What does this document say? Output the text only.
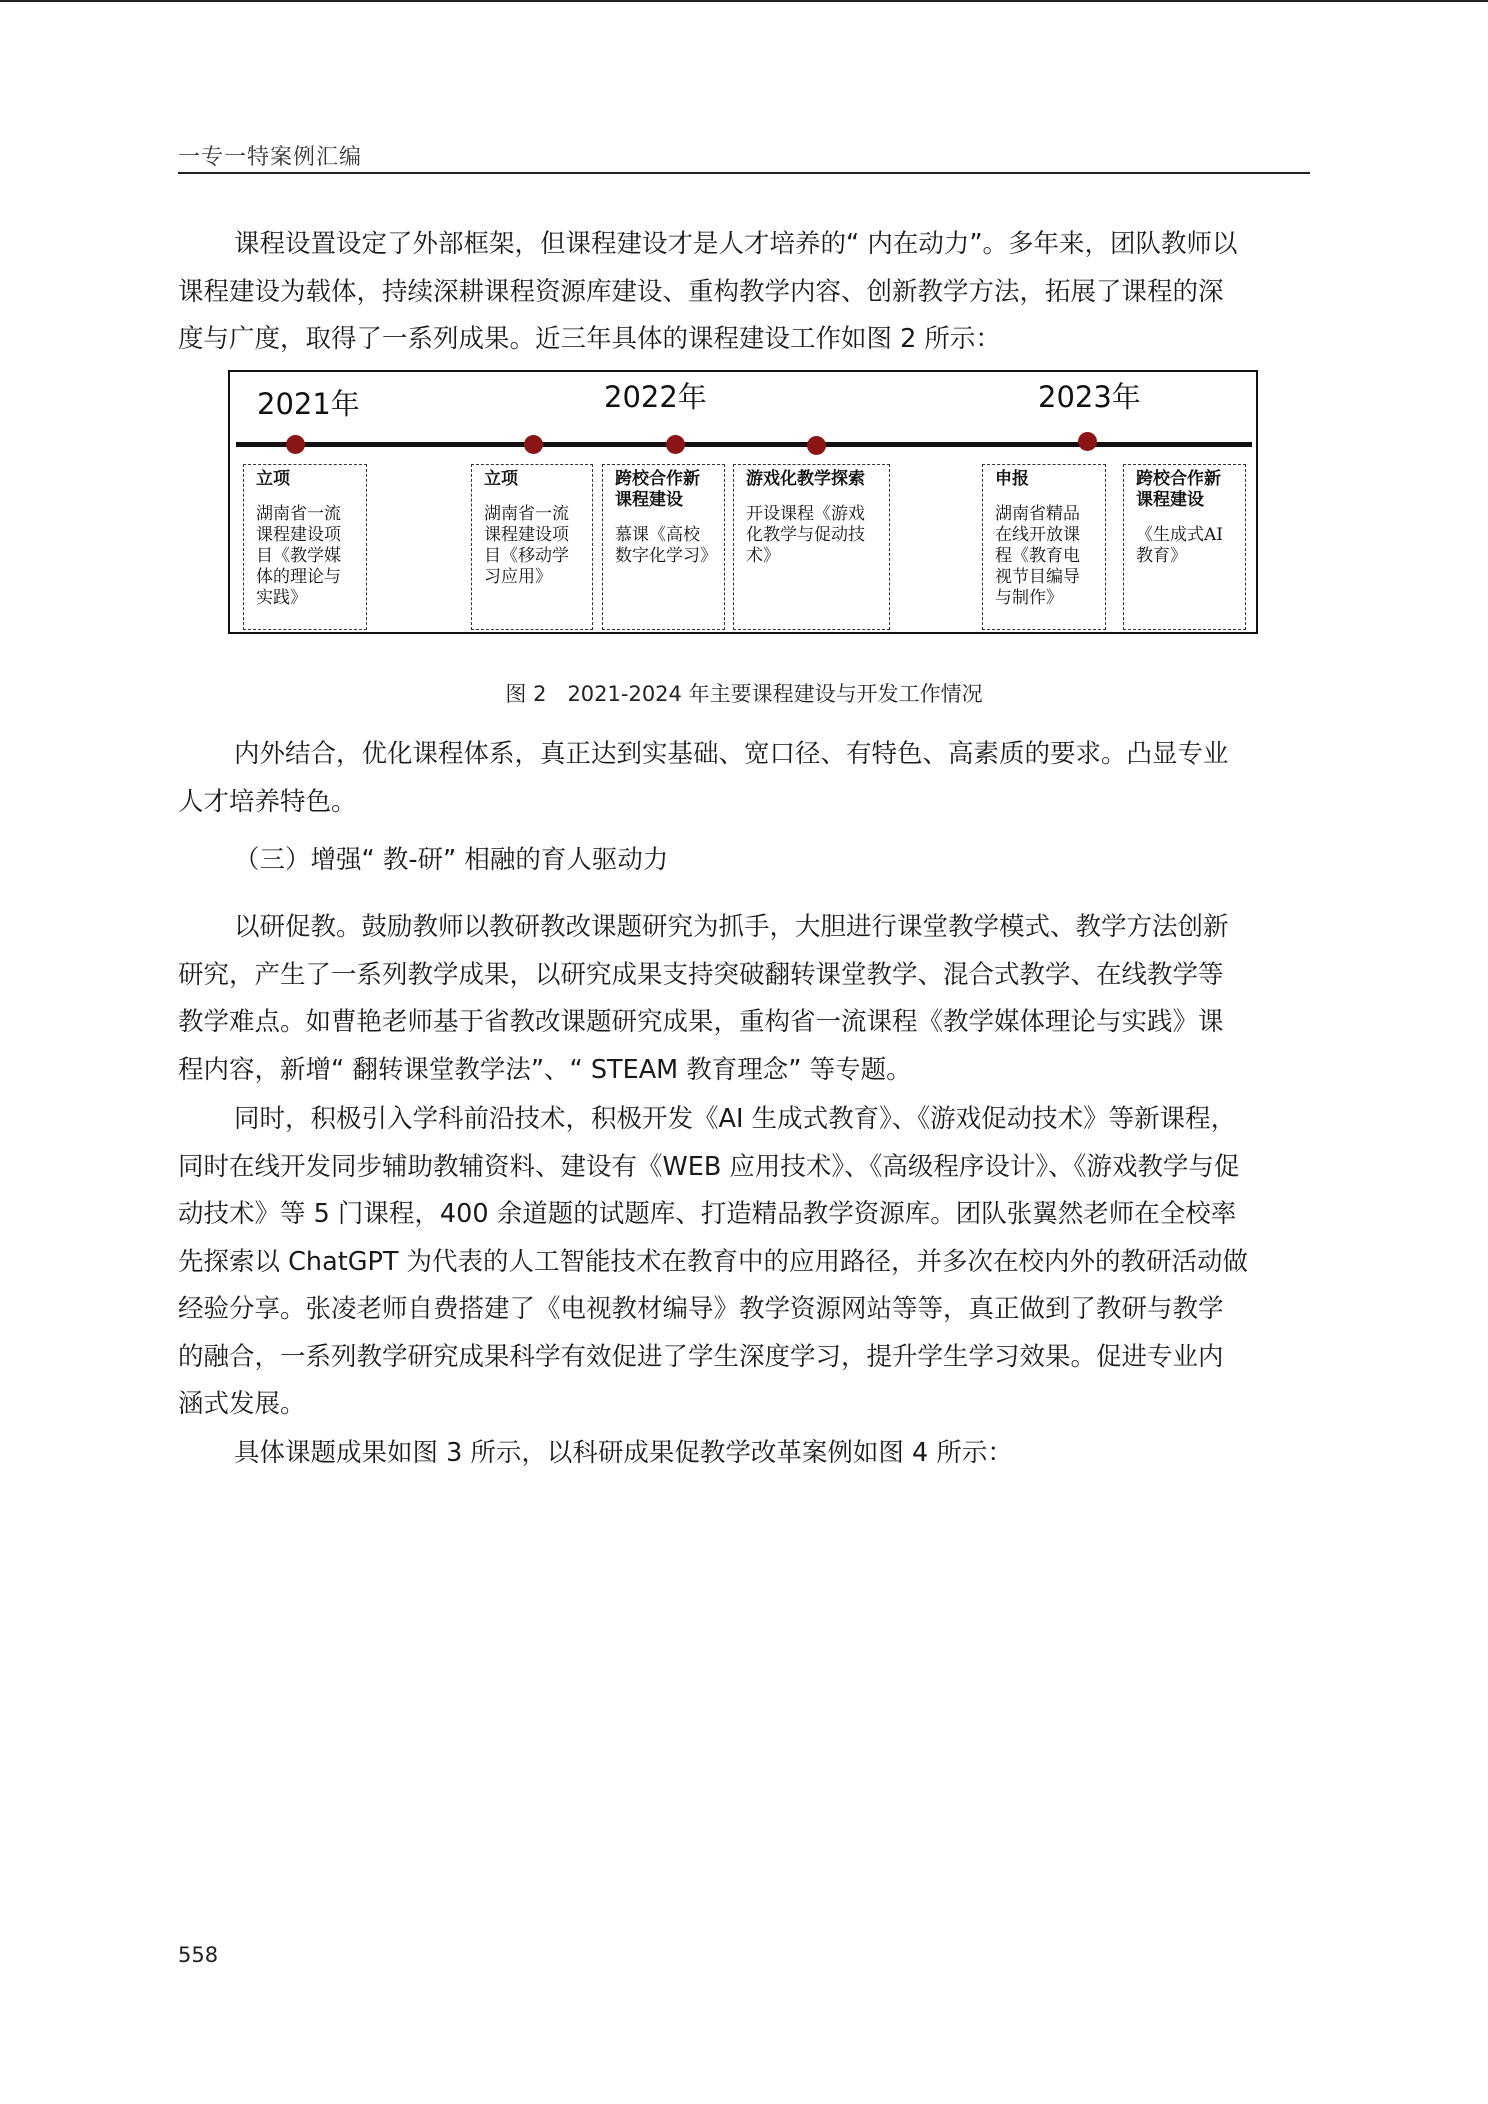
一专一特案例汇编

课程设置设定了外部框架，但课程建设才是人才培养的“ 内在动力”。多年来，团队教师以
课程建设为载体，持续深耕课程资源库建设、重构教学内容、创新教学方法，拓展了课程的深
度与广度，取得了一系列成果。近三年具体的课程建设工作如图 2 所示：

2021年	2022年	2023年
立项
湖南省一流
课程建设项
目《教学媒
体的理论与
实践》
立项
湖南省一流
课程建设项
目《移动学
习应用》
跨校合作新
课程建设
慕课《高校
数字化学习》
游戏化教学探索
开设课程《游戏
化教学与促动技
术》
申报
湖南省精品
在线开放课
程《教育电
视节目编导
与制作》
跨校合作新
课程建设
《生成式AI
教育》
图 2　2021-2024 年主要课程建设与开发工作情况

内外结合，优化课程体系，真正达到实基础、宽口径、有特色、高素质的要求。凸显专业
人才培养特色。

（三）增强“ 教-研” 相融的育人驱动力

以研促教。鼓励教师以教研教改课题研究为抓手，大胆进行课堂教学模式、教学方法创新
研究，产生了一系列教学成果，以研究成果支持突破翻转课堂教学、混合式教学、在线教学等
教学难点。如曹艳老师基于省教改课题研究成果，重构省一流课程《教学媒体理论与实践》课
程内容，新增“ 翻转课堂教学法”、“ STEAM 教育理念” 等专题。

同时，积极引入学科前沿技术，积极开发《AI 生成式教育》、《游戏促动技术》等新课程，
同时在线开发同步辅助教辅资料、建设有《WEB 应用技术》、《高级程序设计》、《游戏教学与促
动技术》等 5 门课程，400 余道题的试题库、打造精品教学资源库。团队张翼然老师在全校率
先探索以 ChatGPT 为代表的人工智能技术在教育中的应用路径，并多次在校内外的教研活动做
经验分享。张凌老师自费搭建了《电视教材编导》教学资源网站等等，真正做到了教研与教学
的融合，一系列教学研究成果科学有效促进了学生深度学习，提升学生学习效果。促进专业内
涵式发展。

具体课题成果如图 3 所示，以科研成果促教学改革案例如图 4 所示：

558
